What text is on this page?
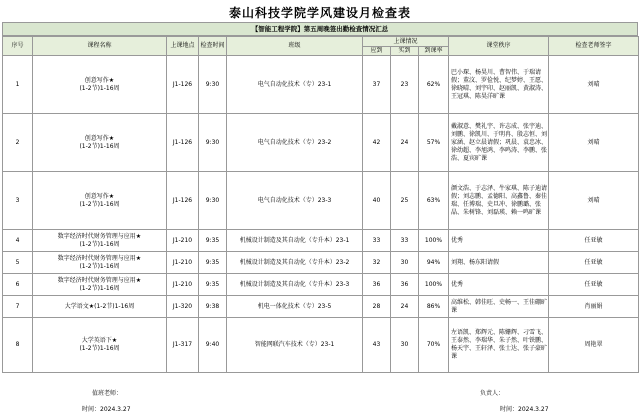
泰山科技学院学风建设月检查表
【智能工程学院】第五周晚签出勤检查情况汇总
序号	课程名称	上课地点	检查时间	班级	上课情况			课堂秩序	检查老师签字
					应到	实到	到课率		
1	创意写作★
(1-2节)1-16周	J1-126	9:30	电气自动化技术（专）23-1	37	23	62%	巴小琛、杨昊川、曹智伟、于瑞请假；董汶、罗俭悦、纪梦婷、王愿、徐晓晴、刘宇印、赵丽凯、黄淑涛、王冠琪、陈昊洋旷课	刘晴
2	创意写作★
(1-2节)1-16周	J1-126	9:30	电气自动化技术（专）23-2	42	24	57%	戴淑意、樊礼宇、许志成、张宇迪、刘鹏、徐凯川、于明冉、殷志恒、刘家涵、赵立晨请假；巩晨、袁忠冰、徐幼超、李旭鸿、李鸣涛、李鹏、张浩、夏宾旷课	刘晴
3	创意写作★
(1-2节)1-16周	J1-126	9:30	电气自动化技术（专）23-3	40	25	63%	颜文浩、于志泽、牛家琪、陈子迪请假；刘志鹏、孟德阳、高鑫鲁、秦佳瑞、任博瑞、史旦冲、徐鹏璐、张晶、朱树锋、刘磊瑛、赖一鸣旷课	刘晴
4	数字经济时代财务管理与应用★
(1-2节)1-16周	J1-210	9:35	机械设计制造及其自动化（专升本）23-1	33	33	100%	优秀	任亚敏
5	数字经济时代财务管理与应用★
(1-2节)1-16周	J1-210	9:35	机械设计制造及其自动化（专升本）23-2	32	30	94%	刘翔、杨东阳请假	任亚敏
6	数字经济时代财务管理与应用★
(1-2节)1-16周	J1-210	9:35	机械设计制造及其自动化（专升本）23-3	36	36	100%	优秀	任亚敏
7	大学语文★(1-2节)1-16周	J1-320	9:38	机电一体化技术（专）23-5	28	24	86%	高维松、韩佳旺、史畅一、王佳硼旷课	肖丽娟
8	大学英语下★
(1-2节)1-16周	J1-317	9:40	智能网联汽车技术（专）23-1	43	30	70%	左语凯、郑辉元、陈姗辉、刁雪飞、王泰然、李瑞华、朱子然、叶铁鹏、杨天宇、王轩泽、张士达、张子豪旷课	周艳翠
值班老师：	负责人：
时间：2024.3.27	时间：2024.3.27
